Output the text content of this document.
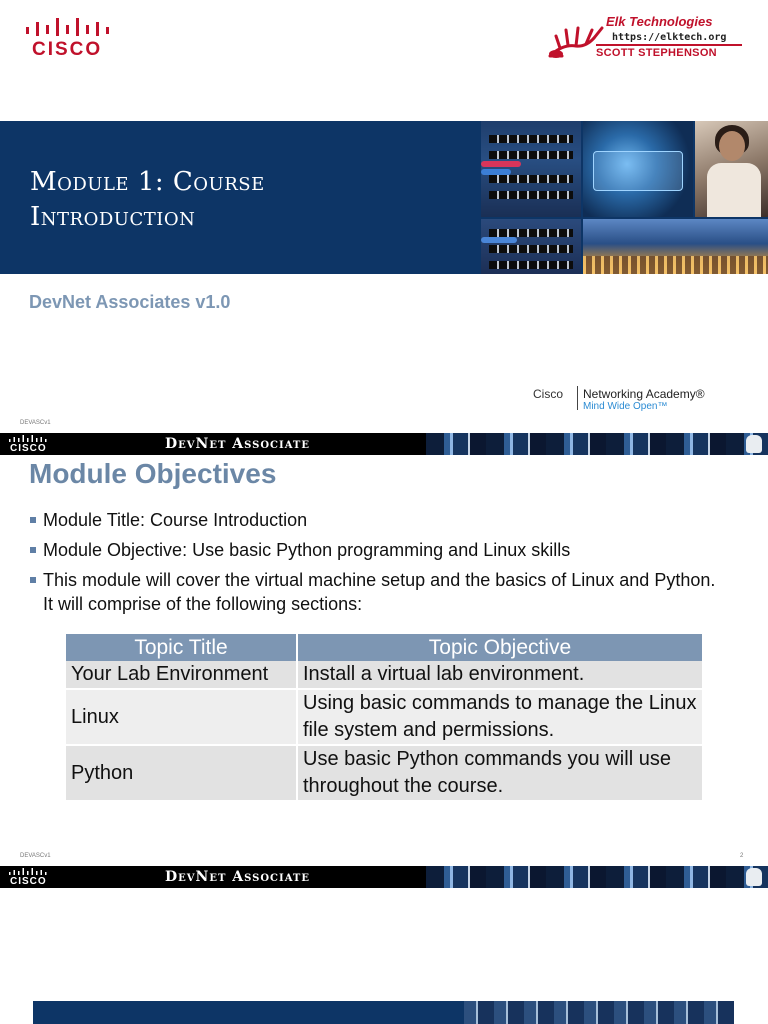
CISCO
Elk Technologies
https://elktech.org
SCOTT STEPHENSON
Module 1: Course
Introduction
DevNet Associates v1.0
Cisco Networking Academy®
Mind Wide Open™
DEVASCv1
CISCO	DevNet Associate
Module Objectives
Module Title: Course Introduction
Module Objective: Use basic Python programming and Linux skills
This module will cover the virtual machine setup and the basics of Linux and Python. It will comprise of the following sections:
Topic Title	Topic Objective
Your Lab Environment	Install a virtual lab environment.
Linux	Using basic commands to manage the Linux file system and permissions.
Python	Use basic Python commands you will use throughout the course.
DEVASCv1	2
CISCO	DevNet Associate
